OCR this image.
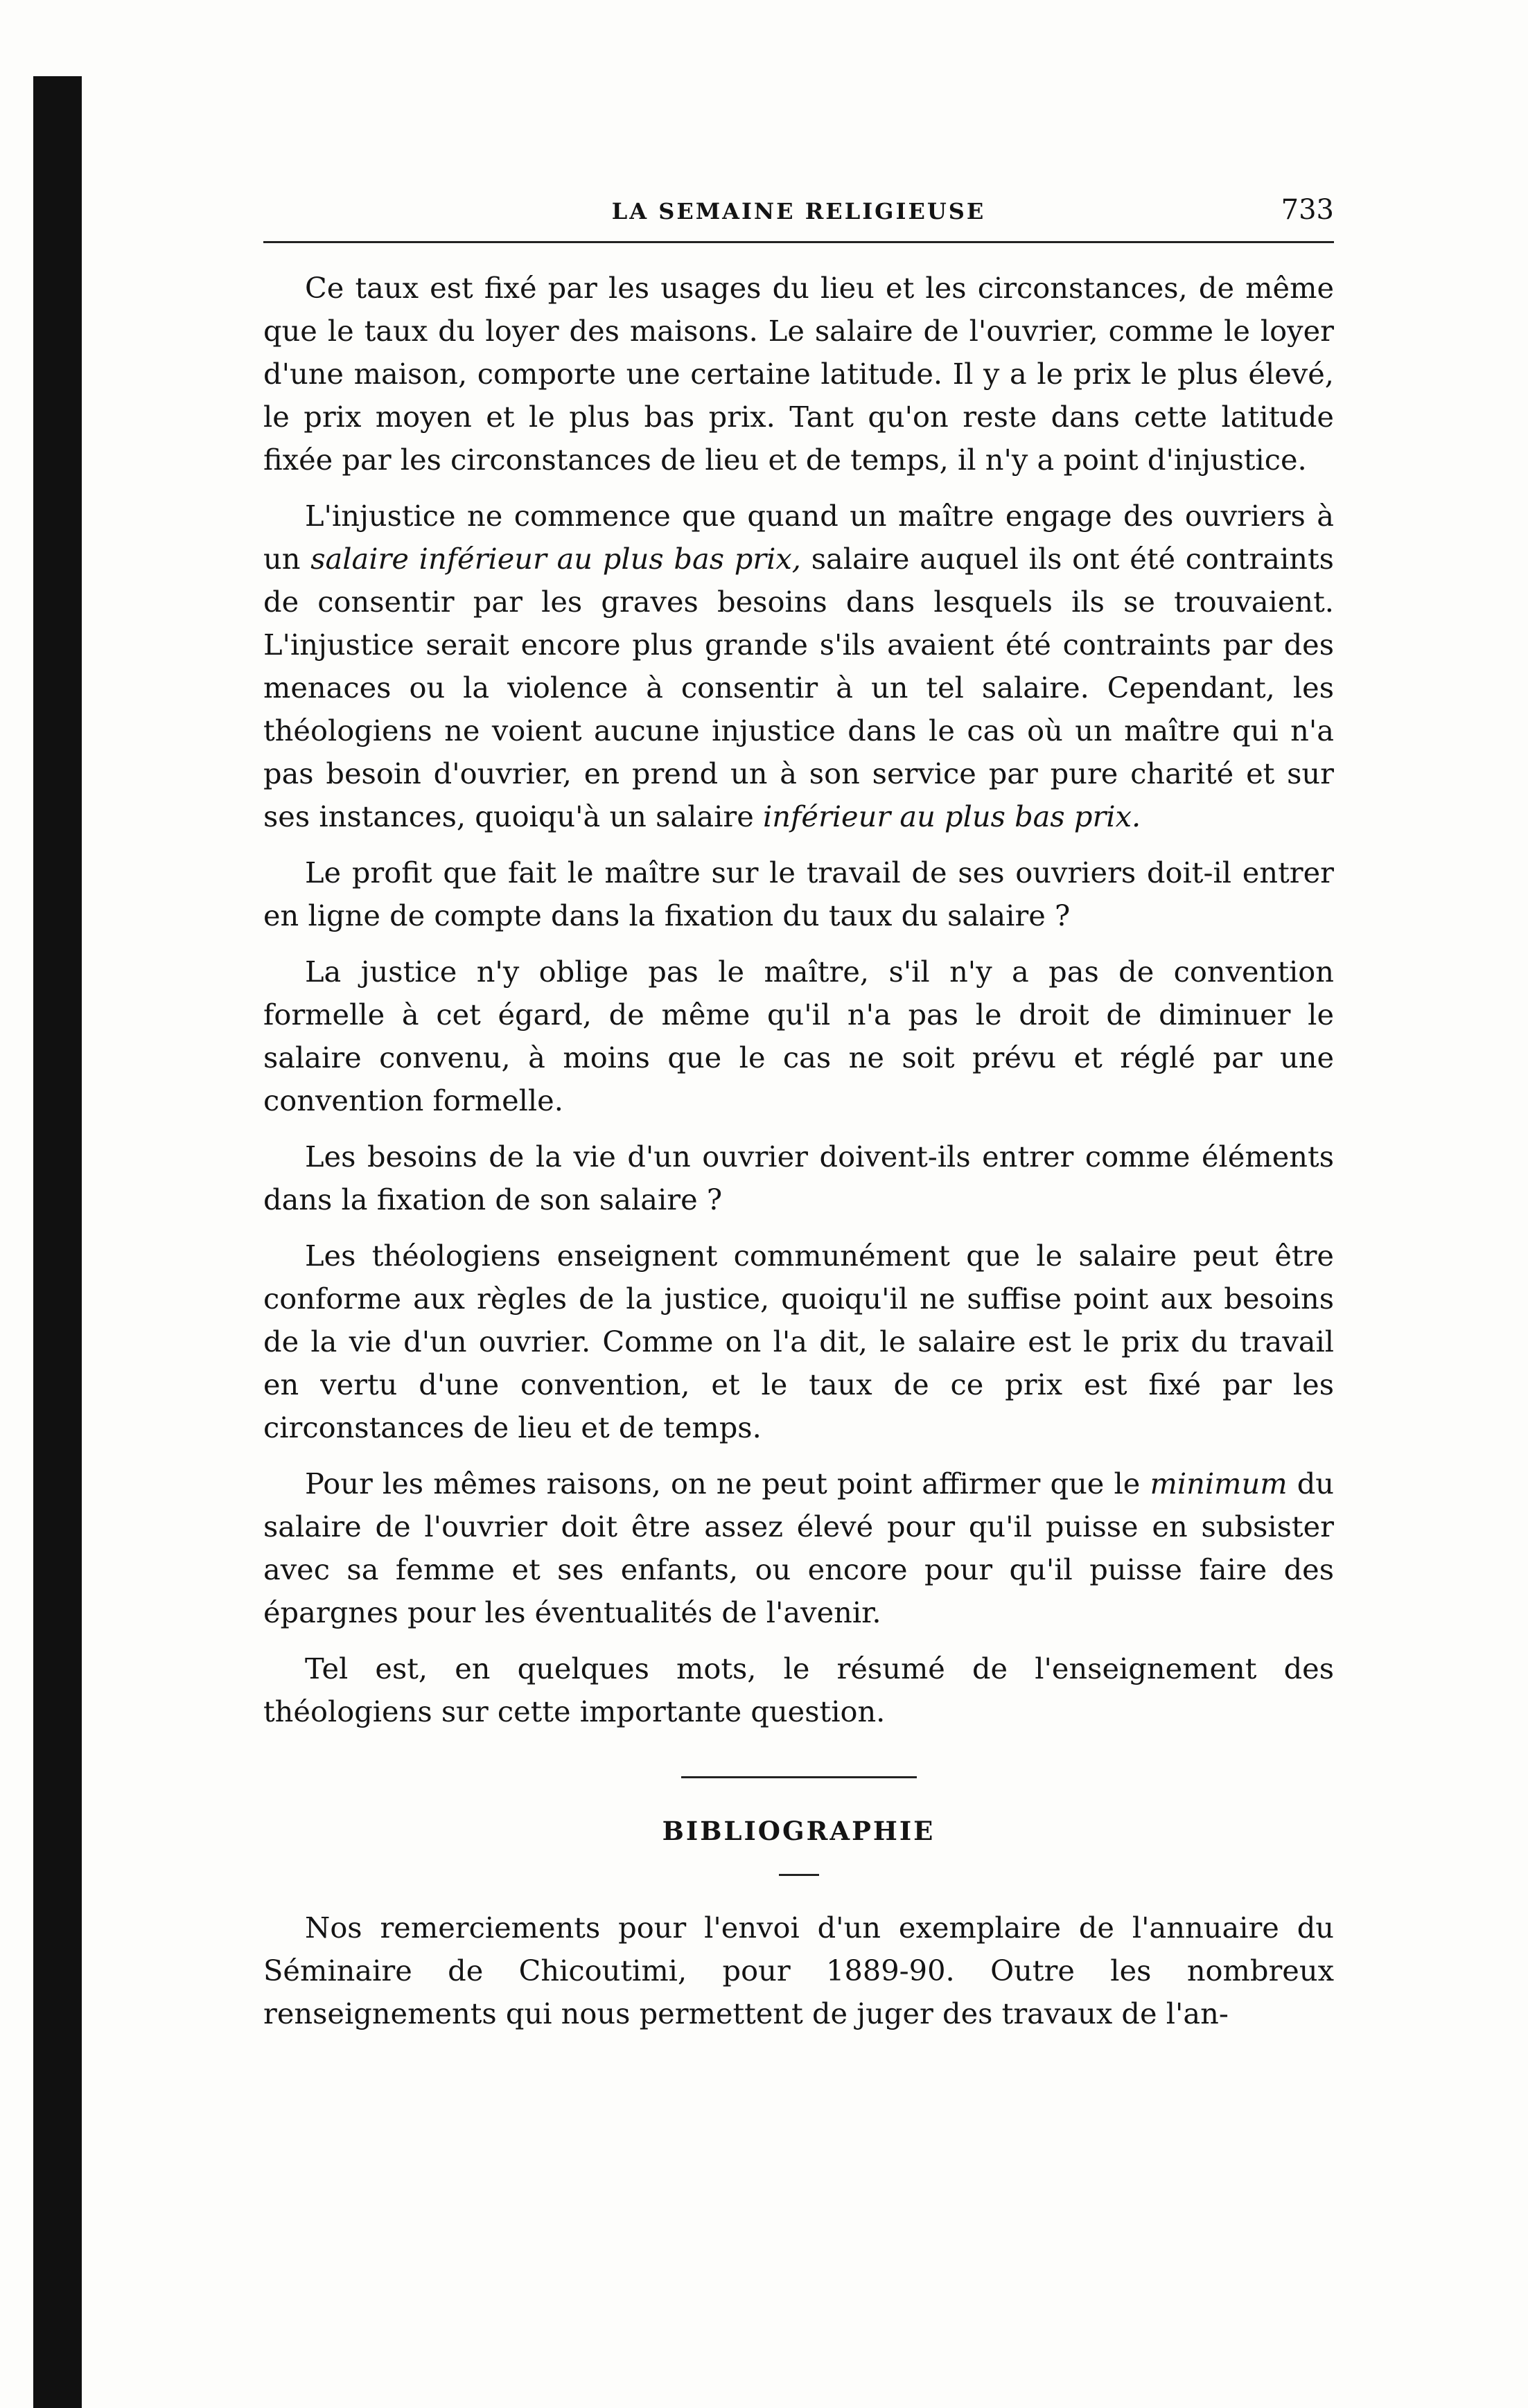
LA SEMAINE RELIGIEUSE	733

Ce taux est fixé par les usages du lieu et les circonstances, de même que le taux du loyer des maisons. Le salaire de l'ouvrier, comme le loyer d'une maison, comporte une certaine latitude. Il y a le prix le plus élevé, le prix moyen et le plus bas prix. Tant qu'on reste dans cette latitude fixée par les circonstances de lieu et de temps, il n'y a point d'injustice.

L'injustice ne commence que quand un maître engage des ouvriers à un salaire inférieur au plus bas prix, salaire auquel ils ont été contraints de consentir par les graves besoins dans lesquels ils se trouvaient. L'injustice serait encore plus grande s'ils avaient été contraints par des menaces ou la violence à consentir à un tel salaire. Cependant, les théologiens ne voient aucune injustice dans le cas où un maître qui n'a pas besoin d'ouvrier, en prend un à son service par pure charité et sur ses instances, quoiqu'à un salaire inférieur au plus bas prix.

Le profit que fait le maître sur le travail de ses ouvriers doit-il entrer en ligne de compte dans la fixation du taux du salaire ?

La justice n'y oblige pas le maître, s'il n'y a pas de convention formelle à cet égard, de même qu'il n'a pas le droit de diminuer le salaire convenu, à moins que le cas ne soit prévu et réglé par une convention formelle.

Les besoins de la vie d'un ouvrier doivent-ils entrer comme éléments dans la fixation de son salaire ?

Les théologiens enseignent communément que le salaire peut être conforme aux règles de la justice, quoiqu'il ne suffise point aux besoins de la vie d'un ouvrier. Comme on l'a dit, le salaire est le prix du travail en vertu d'une convention, et le taux de ce prix est fixé par les circonstances de lieu et de temps.

Pour les mêmes raisons, on ne peut point affirmer que le minimum du salaire de l'ouvrier doit être assez élevé pour qu'il puisse en subsister avec sa femme et ses enfants, ou encore pour qu'il puisse faire des épargnes pour les éventualités de l'avenir.

Tel est, en quelques mots, le résumé de l'enseignement des théologiens sur cette importante question.

BIBLIOGRAPHIE

Nos remerciements pour l'envoi d'un exemplaire de l'annuaire du Séminaire de Chicoutimi, pour 1889-90. Outre les nombreux renseignements qui nous permettent de juger des travaux de l'an-
